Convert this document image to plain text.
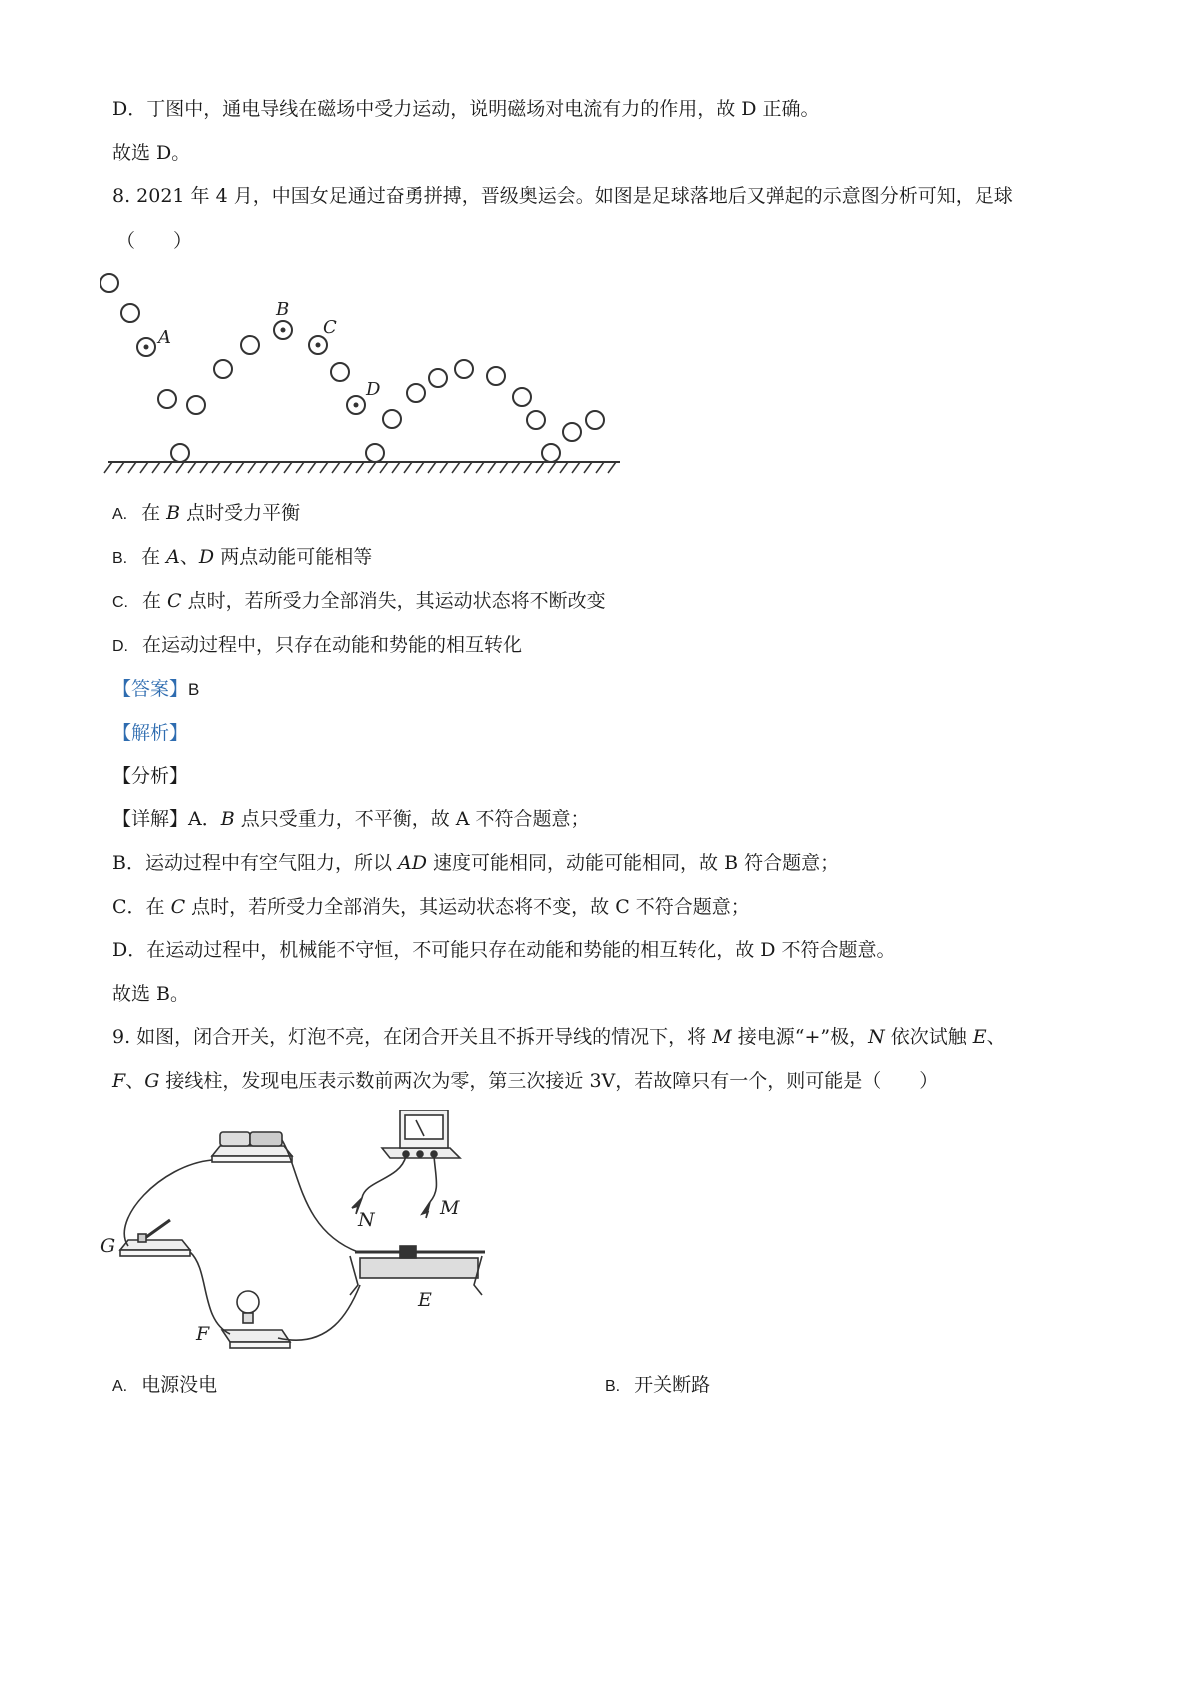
D．丁图中，通电导线在磁场中受力运动，说明磁场对电流有力的作用，故 D 正确。
故选 D。
8. 2021 年 4 月，中国女足通过奋勇拼搏，晋级奥运会。如图是足球落地后又弹起的示意图分析可知，足球
（　　）
A
B
C
D
A. 在 B 点时受力平衡
B. 在 A、D 两点动能可能相等
C. 在 C 点时，若所受力全部消失，其运动状态将不断改变
D. 在运动过程中，只存在动能和势能的相互转化
【答案】B
【解析】
【分析】
【详解】A．B 点只受重力，不平衡，故 A 不符合题意；
B．运动过程中有空气阻力，所以 AD 速度可能相同，动能可能相同，故 B 符合题意；
C．在 C 点时，若所受力全部消失，其运动状态将不变，故 C 不符合题意；
D．在运动过程中，机械能不守恒，不可能只存在动能和势能的相互转化，故 D 不符合题意。
故选 B。
9. 如图，闭合开关，灯泡不亮，在闭合开关且不拆开导线的情况下，将 M 接电源“+”极，N 依次试触 E、
F、G 接线柱，发现电压表示数前两次为零，第三次接近 3V，若故障只有一个，则可能是（　　）
G
F
E
N
M
A. 电源没电	B. 开关断路
